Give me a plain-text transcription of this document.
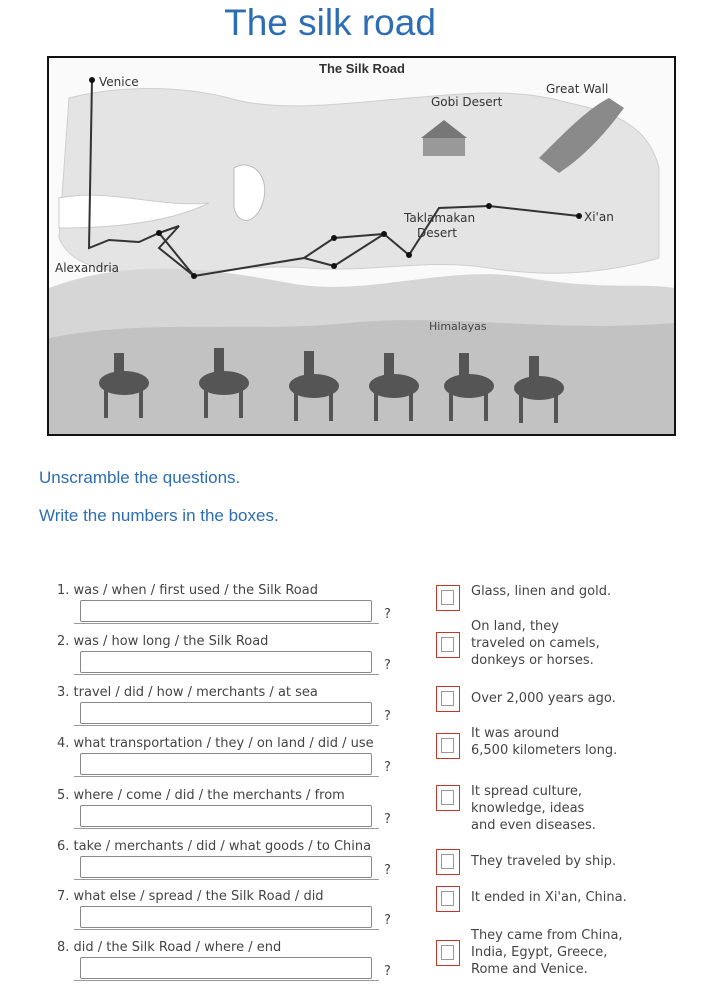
The silk road
The Silk Road
Venice
Gobi Desert
Great Wall
Taklamakan
Desert
Xi'an
Alexandria
Himalayas
Unscramble the questions.
Write the numbers in the boxes.
1. was / when / first used / the Silk Road
?
2. was / how long / the Silk Road
?
3. travel / did / how / merchants / at sea
?
4. what transportation / they / on land / did / use
?
5. where / come / did / the merchants / from
?
6. take / merchants / did / what goods / to China
?
7. what else / spread / the Silk Road / did
?
8. did / the Silk Road / where / end
?
Glass, linen and gold.
On land, they
traveled on camels,
donkeys or horses.
Over 2,000 years ago.
It was around
6,500 kilometers long.
It spread culture,
knowledge, ideas
and even diseases.
They traveled by ship.
It ended in Xi'an, China.
They came from China,
India, Egypt, Greece,
Rome and Venice.
